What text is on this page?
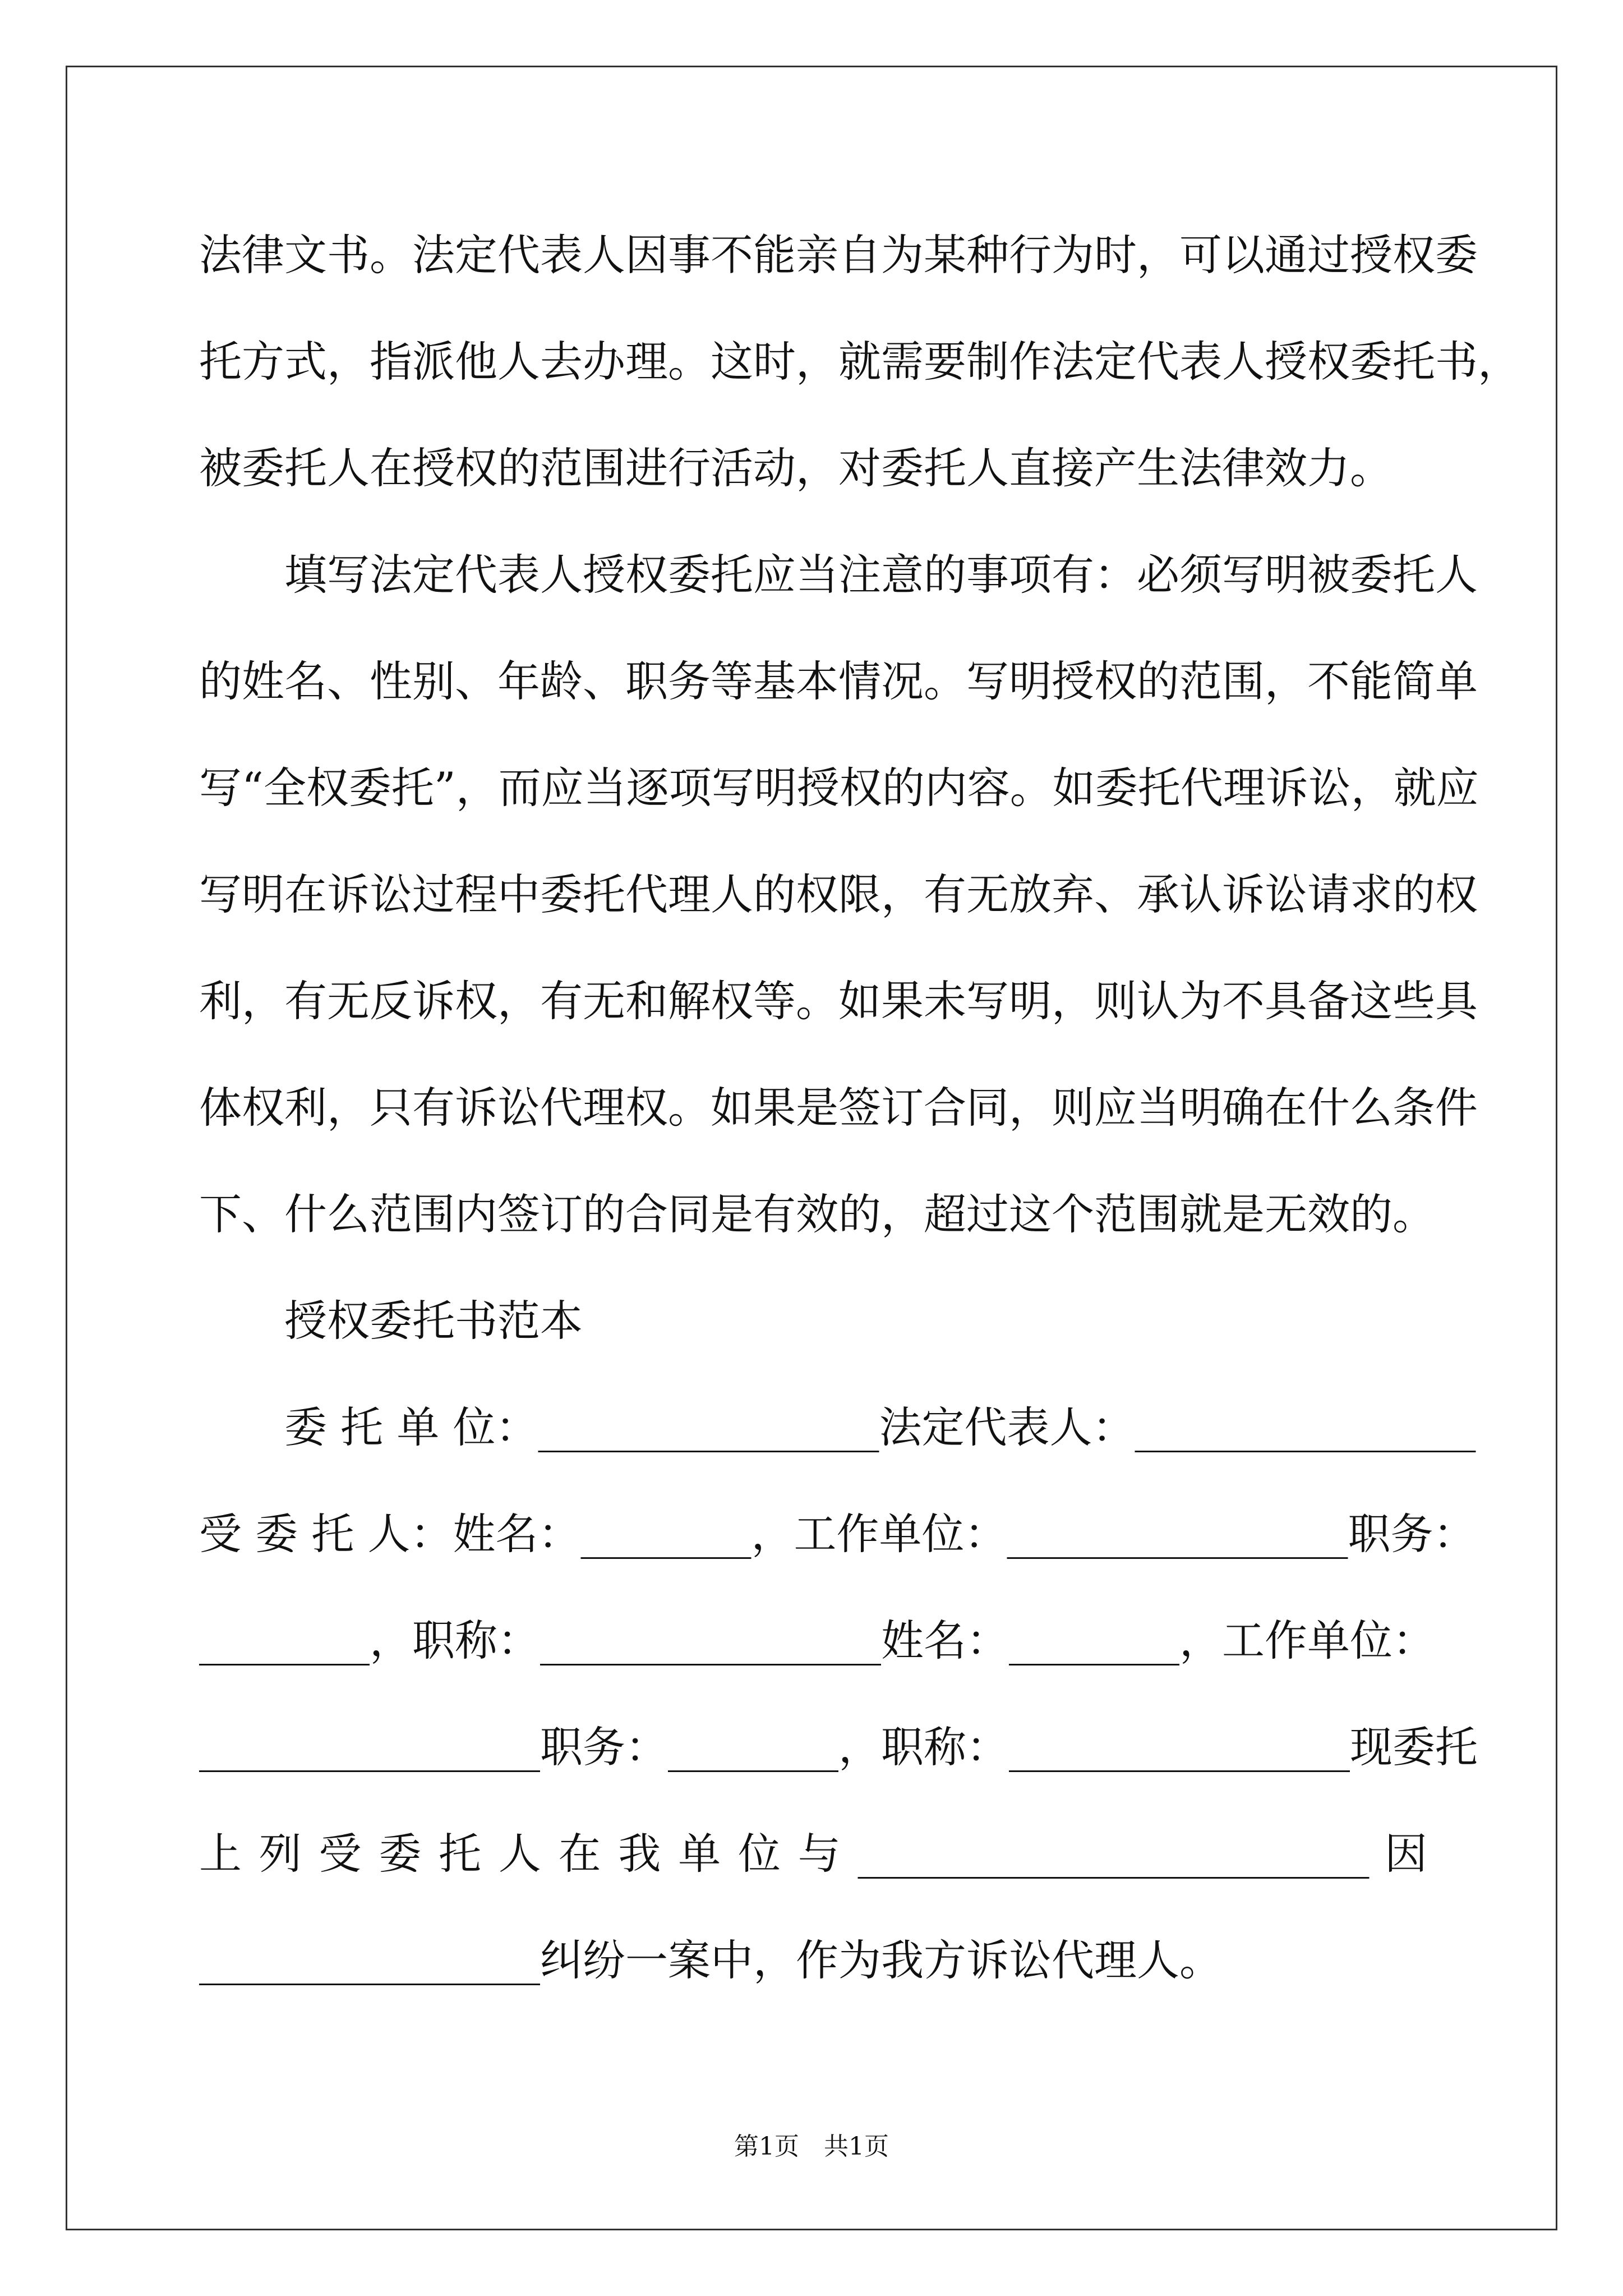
法律文书。法定代表人因事不能亲自为某种行为时，可以通过授权委

托方式，指派他人去办理。这时，就需要制作法定代表人授权委托书，

被委托人在授权的范围进行活动，对委托人直接产生法律效力。

　　填写法定代表人授权委托应当注意的事项有：必须写明被委托人

的姓名、性别、年龄、职务等基本情况。写明授权的范围，不能简单

写“全权委托”，而应当逐项写明授权的内容。如委托代理诉讼，就应

写明在诉讼过程中委托代理人的权限，有无放弃、承认诉讼请求的权

利，有无反诉权，有无和解权等。如果未写明，则认为不具备这些具

体权利，只有诉讼代理权。如果是签订合同，则应当明确在什么条件

下、什么范围内签订的合同是有效的，超过这个范围就是无效的。

　　授权委托书范本

　　委 托 单 位：________________法定代表人：________________

受 委 托 人：姓名：________，工作单位：________________职务：

________，职称：________________姓名：________，工作单位：

________________职务：________，职称：________________现委托

上 列 受 委 托 人 在 我 单 位 与 ________________________ 因

________________纠纷一案中，作为我方诉讼代理人。

第1页　共1页
